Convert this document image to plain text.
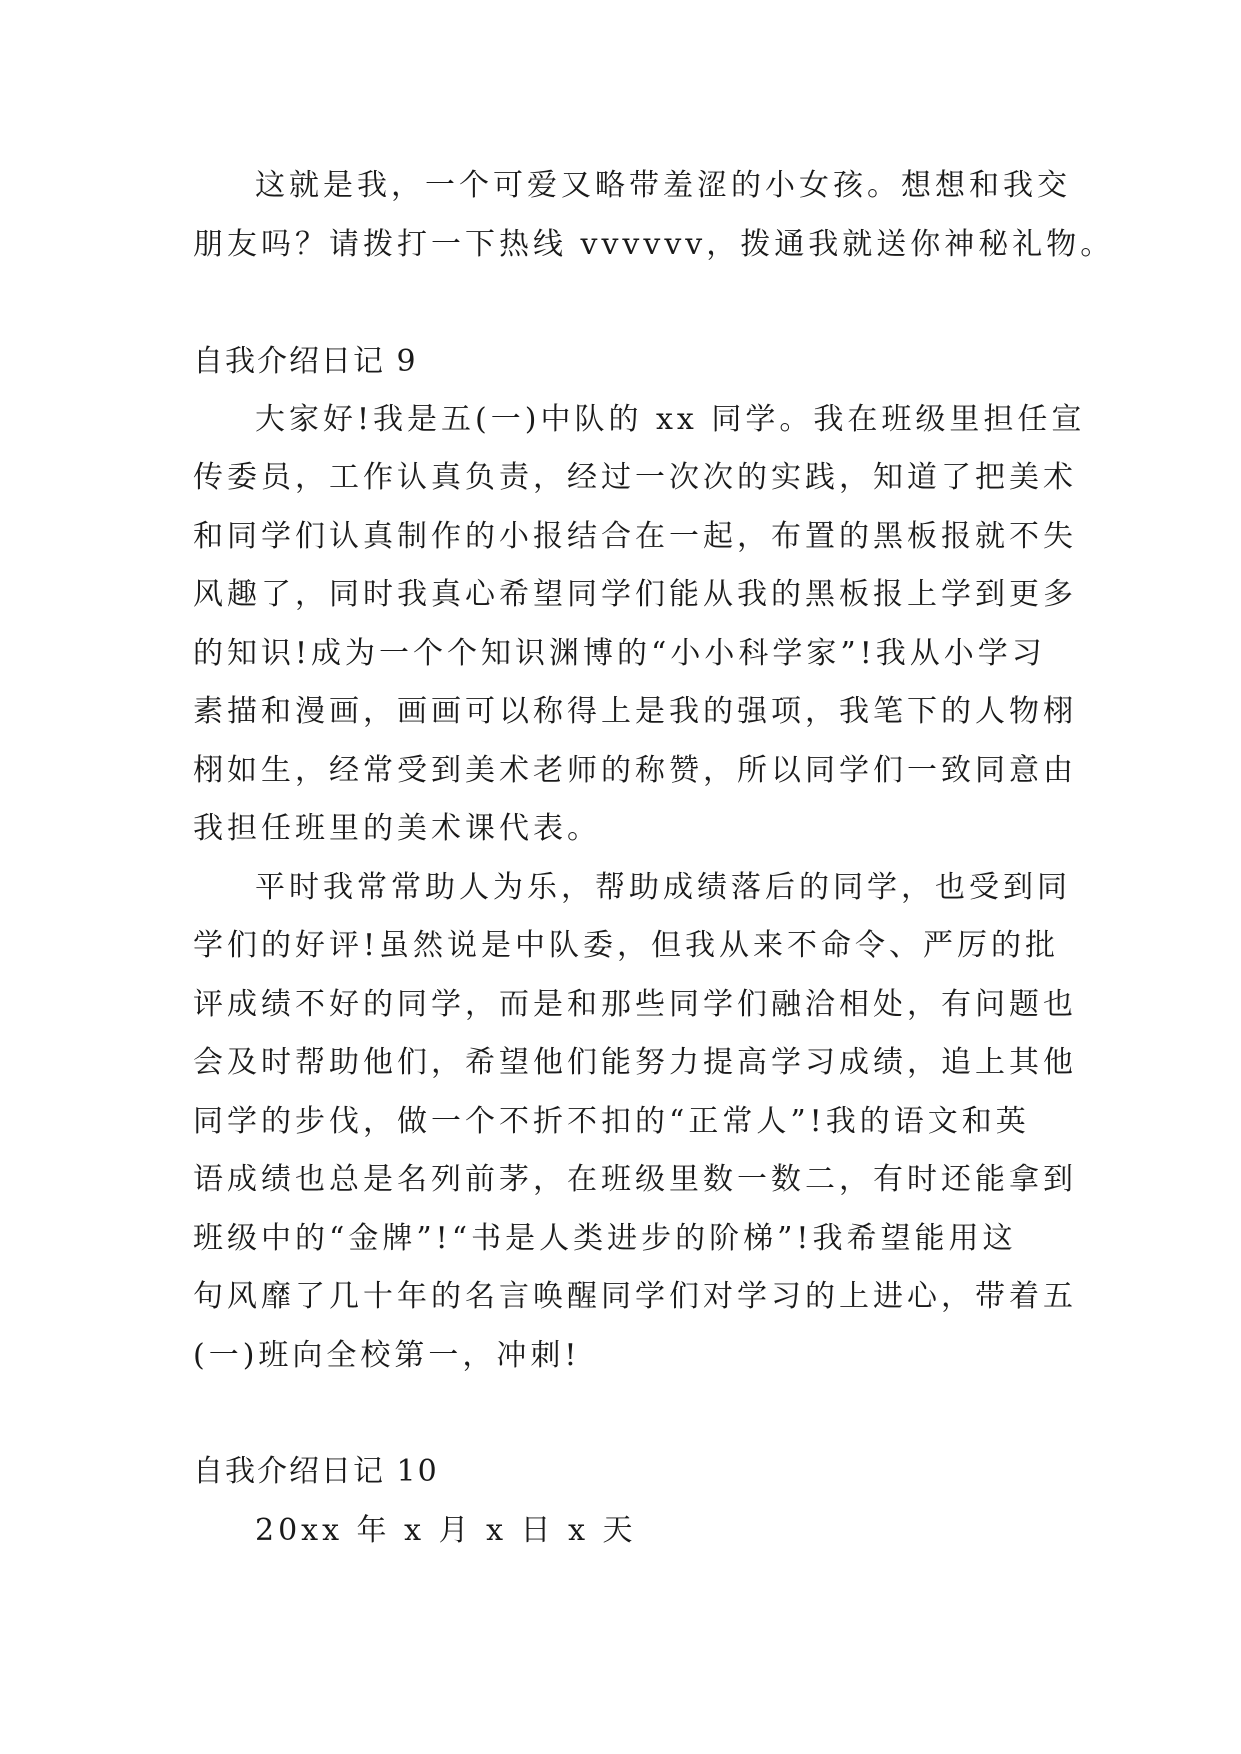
这就是我，一个可爱又略带羞涩的小女孩。想想和我交
朋友吗？请拨打一下热线 vvvvvv，拨通我就送你神秘礼物。
自我介绍日记 9
大家好!我是五(一)中队的 xx 同学。我在班级里担任宣
传委员，工作认真负责，经过一次次的实践，知道了把美术
和同学们认真制作的小报结合在一起，布置的黑板报就不失
风趣了，同时我真心希望同学们能从我的黑板报上学到更多
的知识!成为一个个知识渊博的“小小科学家”!我从小学习
素描和漫画，画画可以称得上是我的强项，我笔下的人物栩
栩如生，经常受到美术老师的称赞，所以同学们一致同意由
我担任班里的美术课代表。
平时我常常助人为乐，帮助成绩落后的同学，也受到同
学们的好评!虽然说是中队委，但我从来不命令、严厉的批
评成绩不好的同学，而是和那些同学们融洽相处，有问题也
会及时帮助他们，希望他们能努力提高学习成绩，追上其他
同学的步伐，做一个不折不扣的“正常人”!我的语文和英
语成绩也总是名列前茅，在班级里数一数二，有时还能拿到
班级中的“金牌”!“书是人类进步的阶梯”!我希望能用这
句风靡了几十年的名言唤醒同学们对学习的上进心，带着五
(一)班向全校第一，冲刺!
自我介绍日记 10
20xx 年 x 月 x 日 x 天
